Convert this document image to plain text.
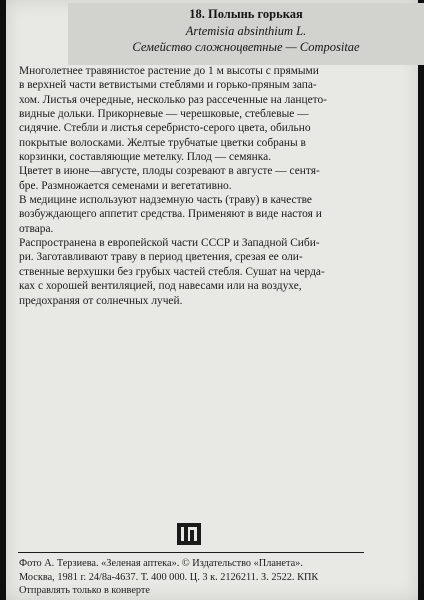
18. Полынь горькая
Artemisia absinthium L.
Семейство сложноцветные — Compositae

Многолетнее травянистое растение до 1 м высоты с прямыми
в верхней части ветвистыми стеблями и горько-пряным запа-
хом. Листья очередные, несколько раз рассеченные на ланцето-
видные дольки. Прикорневые — черешковые, стеблевые —
сидячие. Стебли и листья серебристо-серого цвета, обильно
покрытые волосками. Желтые трубчатые цветки собраны в
корзинки, составляющие метелку. Плод — семянка.

Цветет в июне—августе, плоды созревают в августе — сентя-
бре. Размножается семенами и вегетативно.

В медицине используют надземную часть (траву) в качестве
возбуждающего аппетит средства. Применяют в виде настоя и
отвара.

Распространена в европейской части СССР и Западной Сиби-
ри. Заготавливают траву в период цветения, срезая ее оли-
ственные верхушки без грубых частей стебля. Сушат на черда-
ках с хорошей вентиляцией, под навесами или на воздухе,
предохраняя от солнечных лучей.

Фото А. Терзиева. «Зеленая аптека». © Издательство «Планета».

Москва, 1981 г. 24/8а-4637. Т. 400 000. Ц. 3 к. 2126211. З. 2522. КПК

Отправлять только в конверте
